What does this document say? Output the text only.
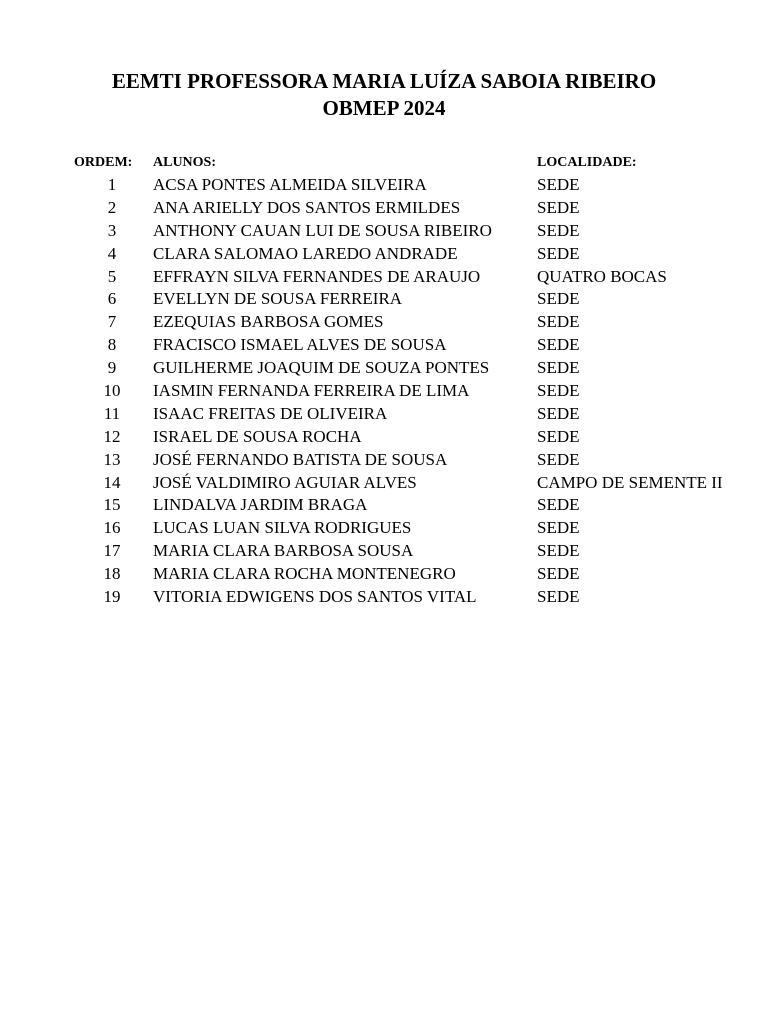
EEMTI PROFESSORA MARIA LUÍZA SABOIA RIBEIRO
OBMEP 2024
ORDEM: ALUNOS:	LOCALIDADE:
1	ACSA PONTES ALMEIDA SILVEIRA	SEDE
2	ANA ARIELLY DOS SANTOS ERMILDES	SEDE
3	ANTHONY CAUAN LUI DE SOUSA RIBEIRO	SEDE
4	CLARA SALOMAO LAREDO ANDRADE	SEDE
5	EFFRAYN SILVA FERNANDES DE ARAUJO	QUATRO BOCAS
6	EVELLYN DE SOUSA FERREIRA	SEDE
7	EZEQUIAS BARBOSA GOMES	SEDE
8	FRACISCO ISMAEL ALVES DE SOUSA	SEDE
9	GUILHERME JOAQUIM DE SOUZA PONTES	SEDE
10	IASMIN FERNANDA FERREIRA DE LIMA	SEDE
11	ISAAC FREITAS DE OLIVEIRA	SEDE
12	ISRAEL DE SOUSA ROCHA	SEDE
13	JOSÉ FERNANDO BATISTA DE SOUSA	SEDE
14	JOSÉ VALDIMIRO AGUIAR ALVES	CAMPO DE SEMENTE II
15	LINDALVA JARDIM BRAGA	SEDE
16	LUCAS LUAN SILVA RODRIGUES	SEDE
17	MARIA CLARA BARBOSA SOUSA	SEDE
18	MARIA CLARA ROCHA MONTENEGRO	SEDE
19	VITORIA EDWIGENS DOS SANTOS VITAL	SEDE
